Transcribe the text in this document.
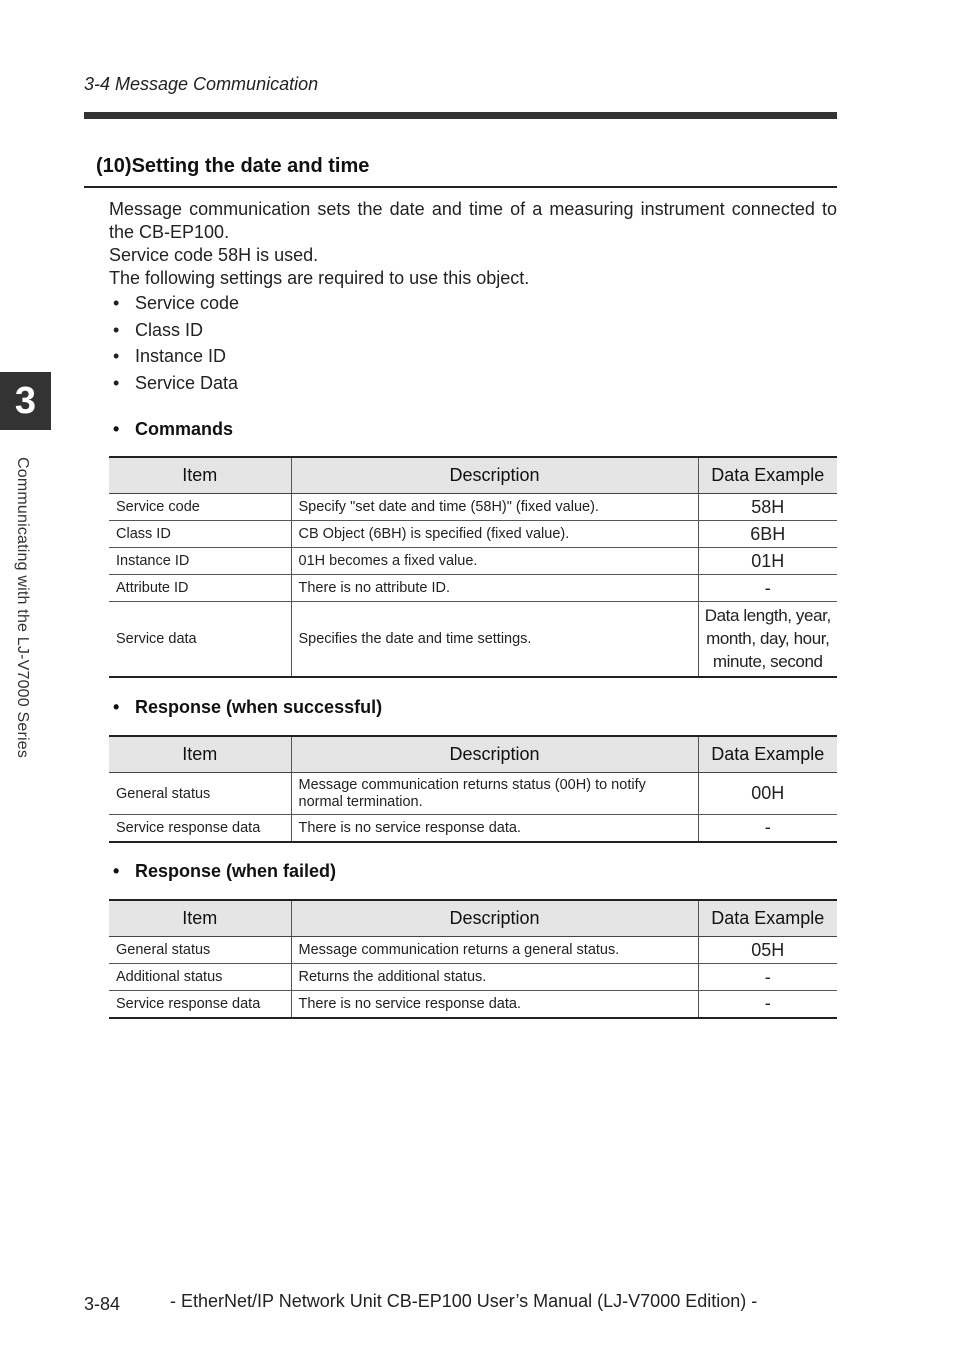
3-4 Message Communication
(10)Setting the date and time

Message communication sets the date and time of a measuring instrument connected to the CB-EP100.

Service code 58H is used.

The following settings are required to use this object.

• Service code
• Class ID
• Instance ID
• Service Data
• Commands
Item	Description	Data Example
Service code	Specify "set date and time (58H)" (fixed value).	58H
Class ID	CB Object (6BH) is specified (fixed value).	6BH
Instance ID	01H becomes a fixed value.	01H
Attribute ID	There is no attribute ID.	-
Service data	Specifies the date and time settings.	Data length, year, month, day, hour, minute, second
• Response (when successful)
Item	Description	Data Example
General status	Message communication returns status (00H) to notify normal termination.	00H
Service response data	There is no service response data.	-
• Response (when failed)
Item	Description	Data Example
General status	Message communication returns a general status.	05H
Additional status	Returns the additional status.	-
Service response data	There is no service response data.	-
3
Communicating with the LJ-V7000 Series
3-84	- EtherNet/IP Network Unit CB-EP100 User’s Manual (LJ-V7000 Edition) -
